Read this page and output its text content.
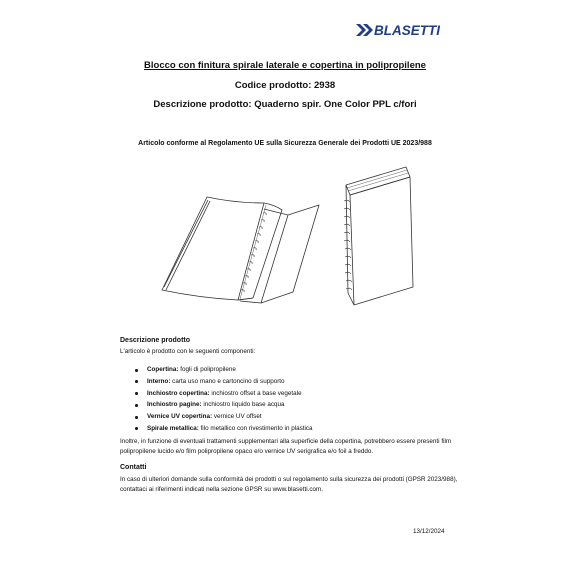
BLASETTI
Blocco con finitura spirale laterale e copertina in polipropilene
Codice prodotto: 2938
Descrizione prodotto: Quaderno spir. One Color PPL c/fori
Articolo conforme al Regolamento UE sulla Sicurezza Generale dei Prodotti UE 2023/988
Descrizione prodotto
L'articolo è prodotto con le seguenti componenti:
Copertina: fogli di polipropilene
Interno: carta uso mano e cartoncino di supporto
Inchiostro copertina: inchiostro offset a base vegetale
Inchiostro pagine: inchiostro liquido base acqua
Vernice UV copertina: vernice UV offset
Spirale metallica: filo metallico con rivestimento in plastica
Inoltre, in funzione di eventuali trattamenti supplementari alla superficie della copertina, potrebbero essere presenti film polipropilene lucido e/o film polipropilene opaco e/o vernice UV serigrafica e/o foil a freddo.
Contatti
In caso di ulteriori domande sulla conformità dei prodotti o sul regolamento sulla sicurezza dei prodotti (GPSR 2023/988), contattaci ai riferimenti indicati nella sezione GPSR su www.blasetti.com.
13/12/2024
